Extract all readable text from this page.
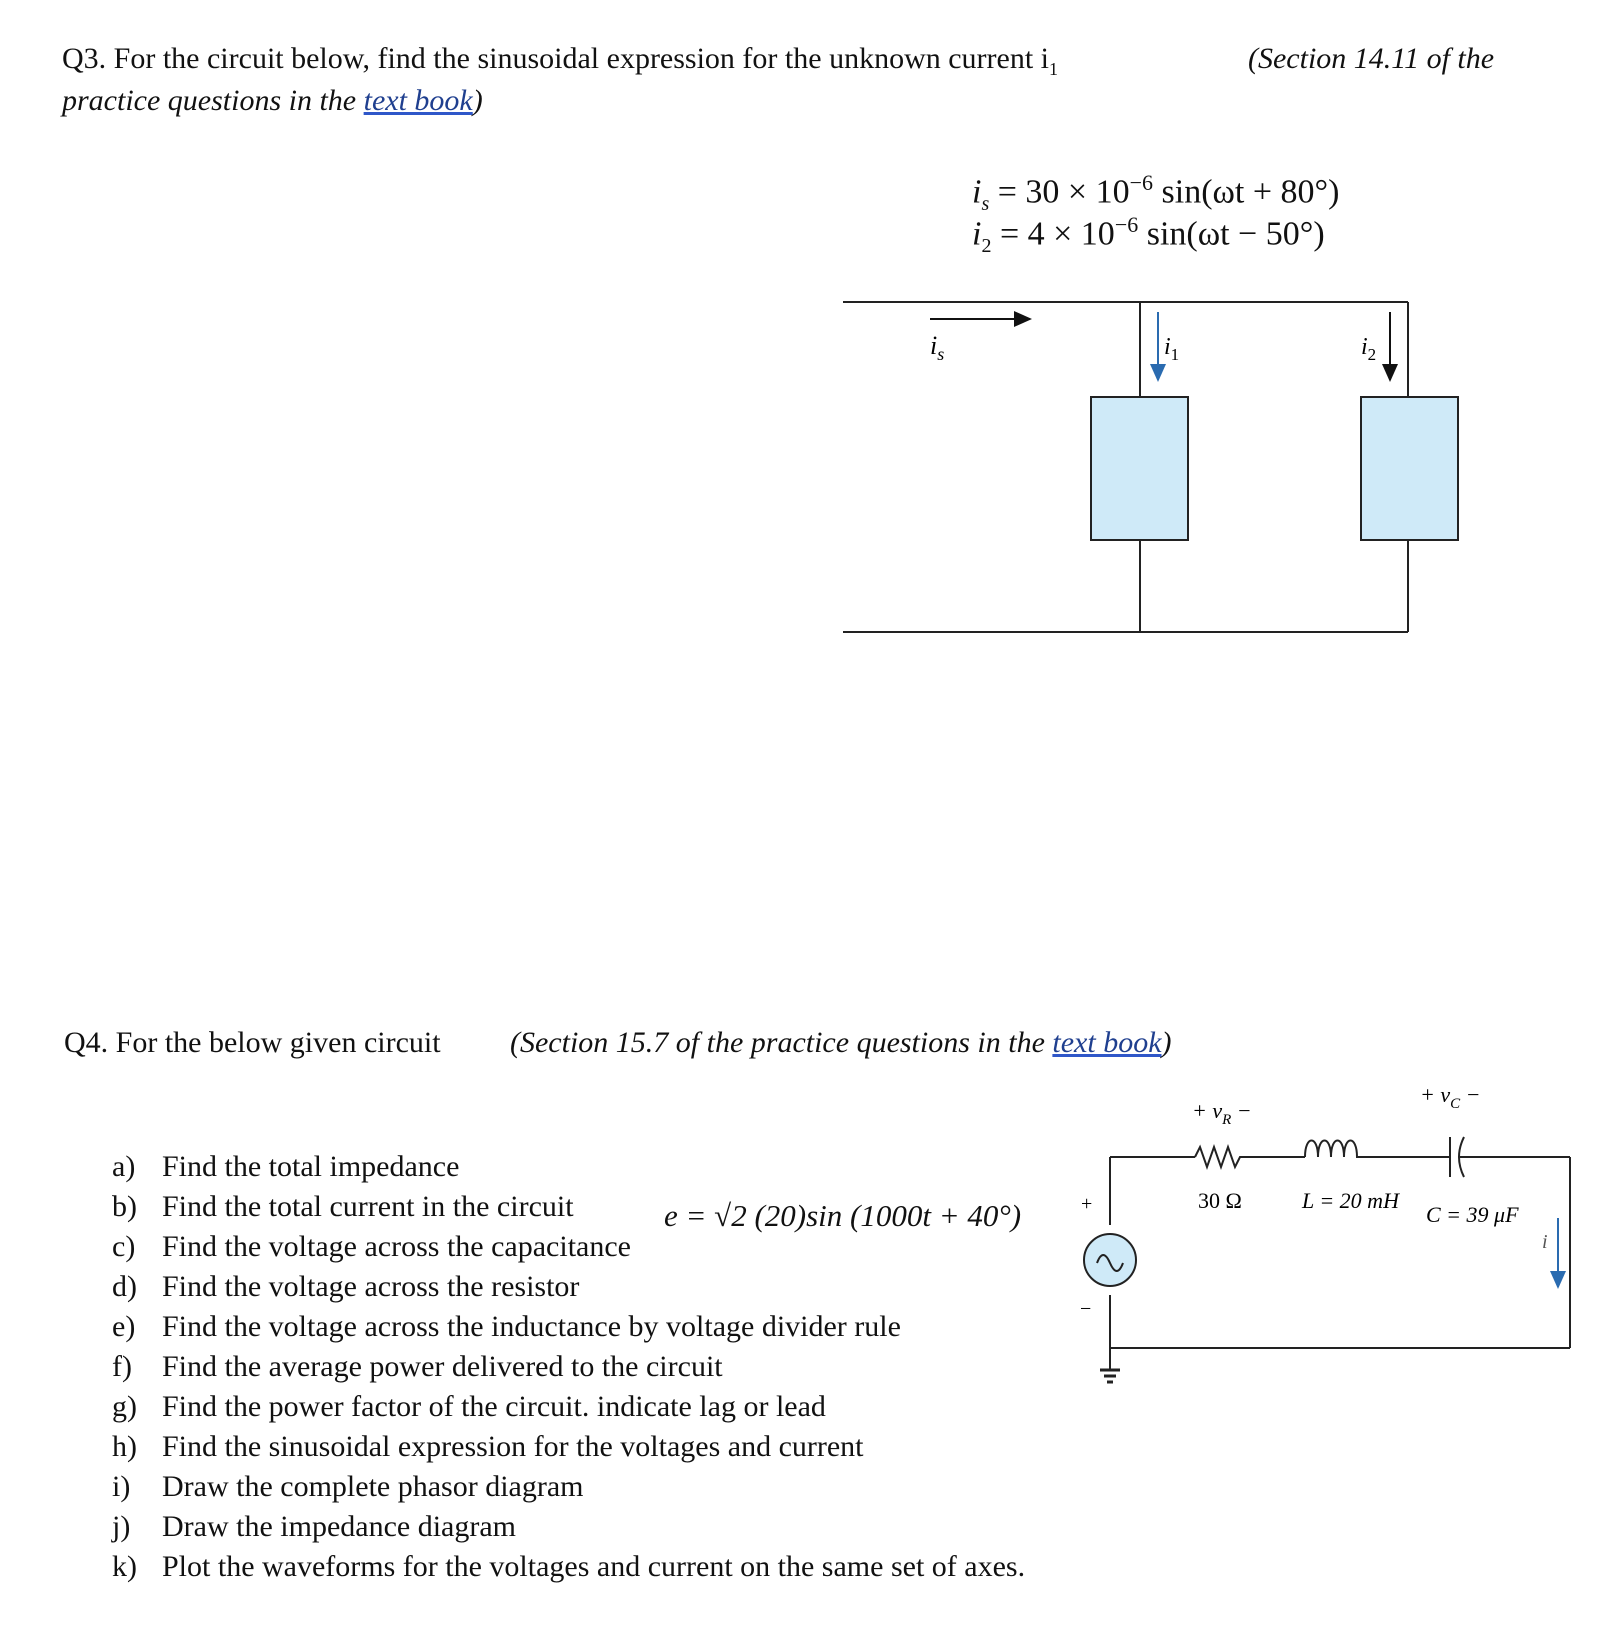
Q3. For the circuit below, find the sinusoidal expression for the unknown current $i_1$	(Section 14.11 of the
practice questions in the text book)
$i_s = 30 \times 10^{-6}$ sin(ωt + 80°)
$i_2 = 4 \times 10^{-6}$ sin(ωt − 50°)
$i_s$	$i_1$	$i_2$
Q4. For the below given circuit (Section 15.7 of the practice questions in the text book)
a) Find the total impedance
b) Find the total current in the circuit
c) Find the voltage across the capacitance
d) Find the voltage across the resistor
e) Find the voltage across the inductance by voltage divider rule
f) Find the average power delivered to the circuit
g) Find the power factor of the circuit. indicate lag or lead
h) Find the sinusoidal expression for the voltages and current
i) Draw the complete phasor diagram
j) Draw the impedance diagram
k) Plot the waveforms for the voltages and current on the same set of axes.
e = √2 (20)sin (1000t + 40°)	+
−
+ $v_R$ −
+ $v_C$ −
30 Ω	L = 20 mH
C = 39 μF
i
